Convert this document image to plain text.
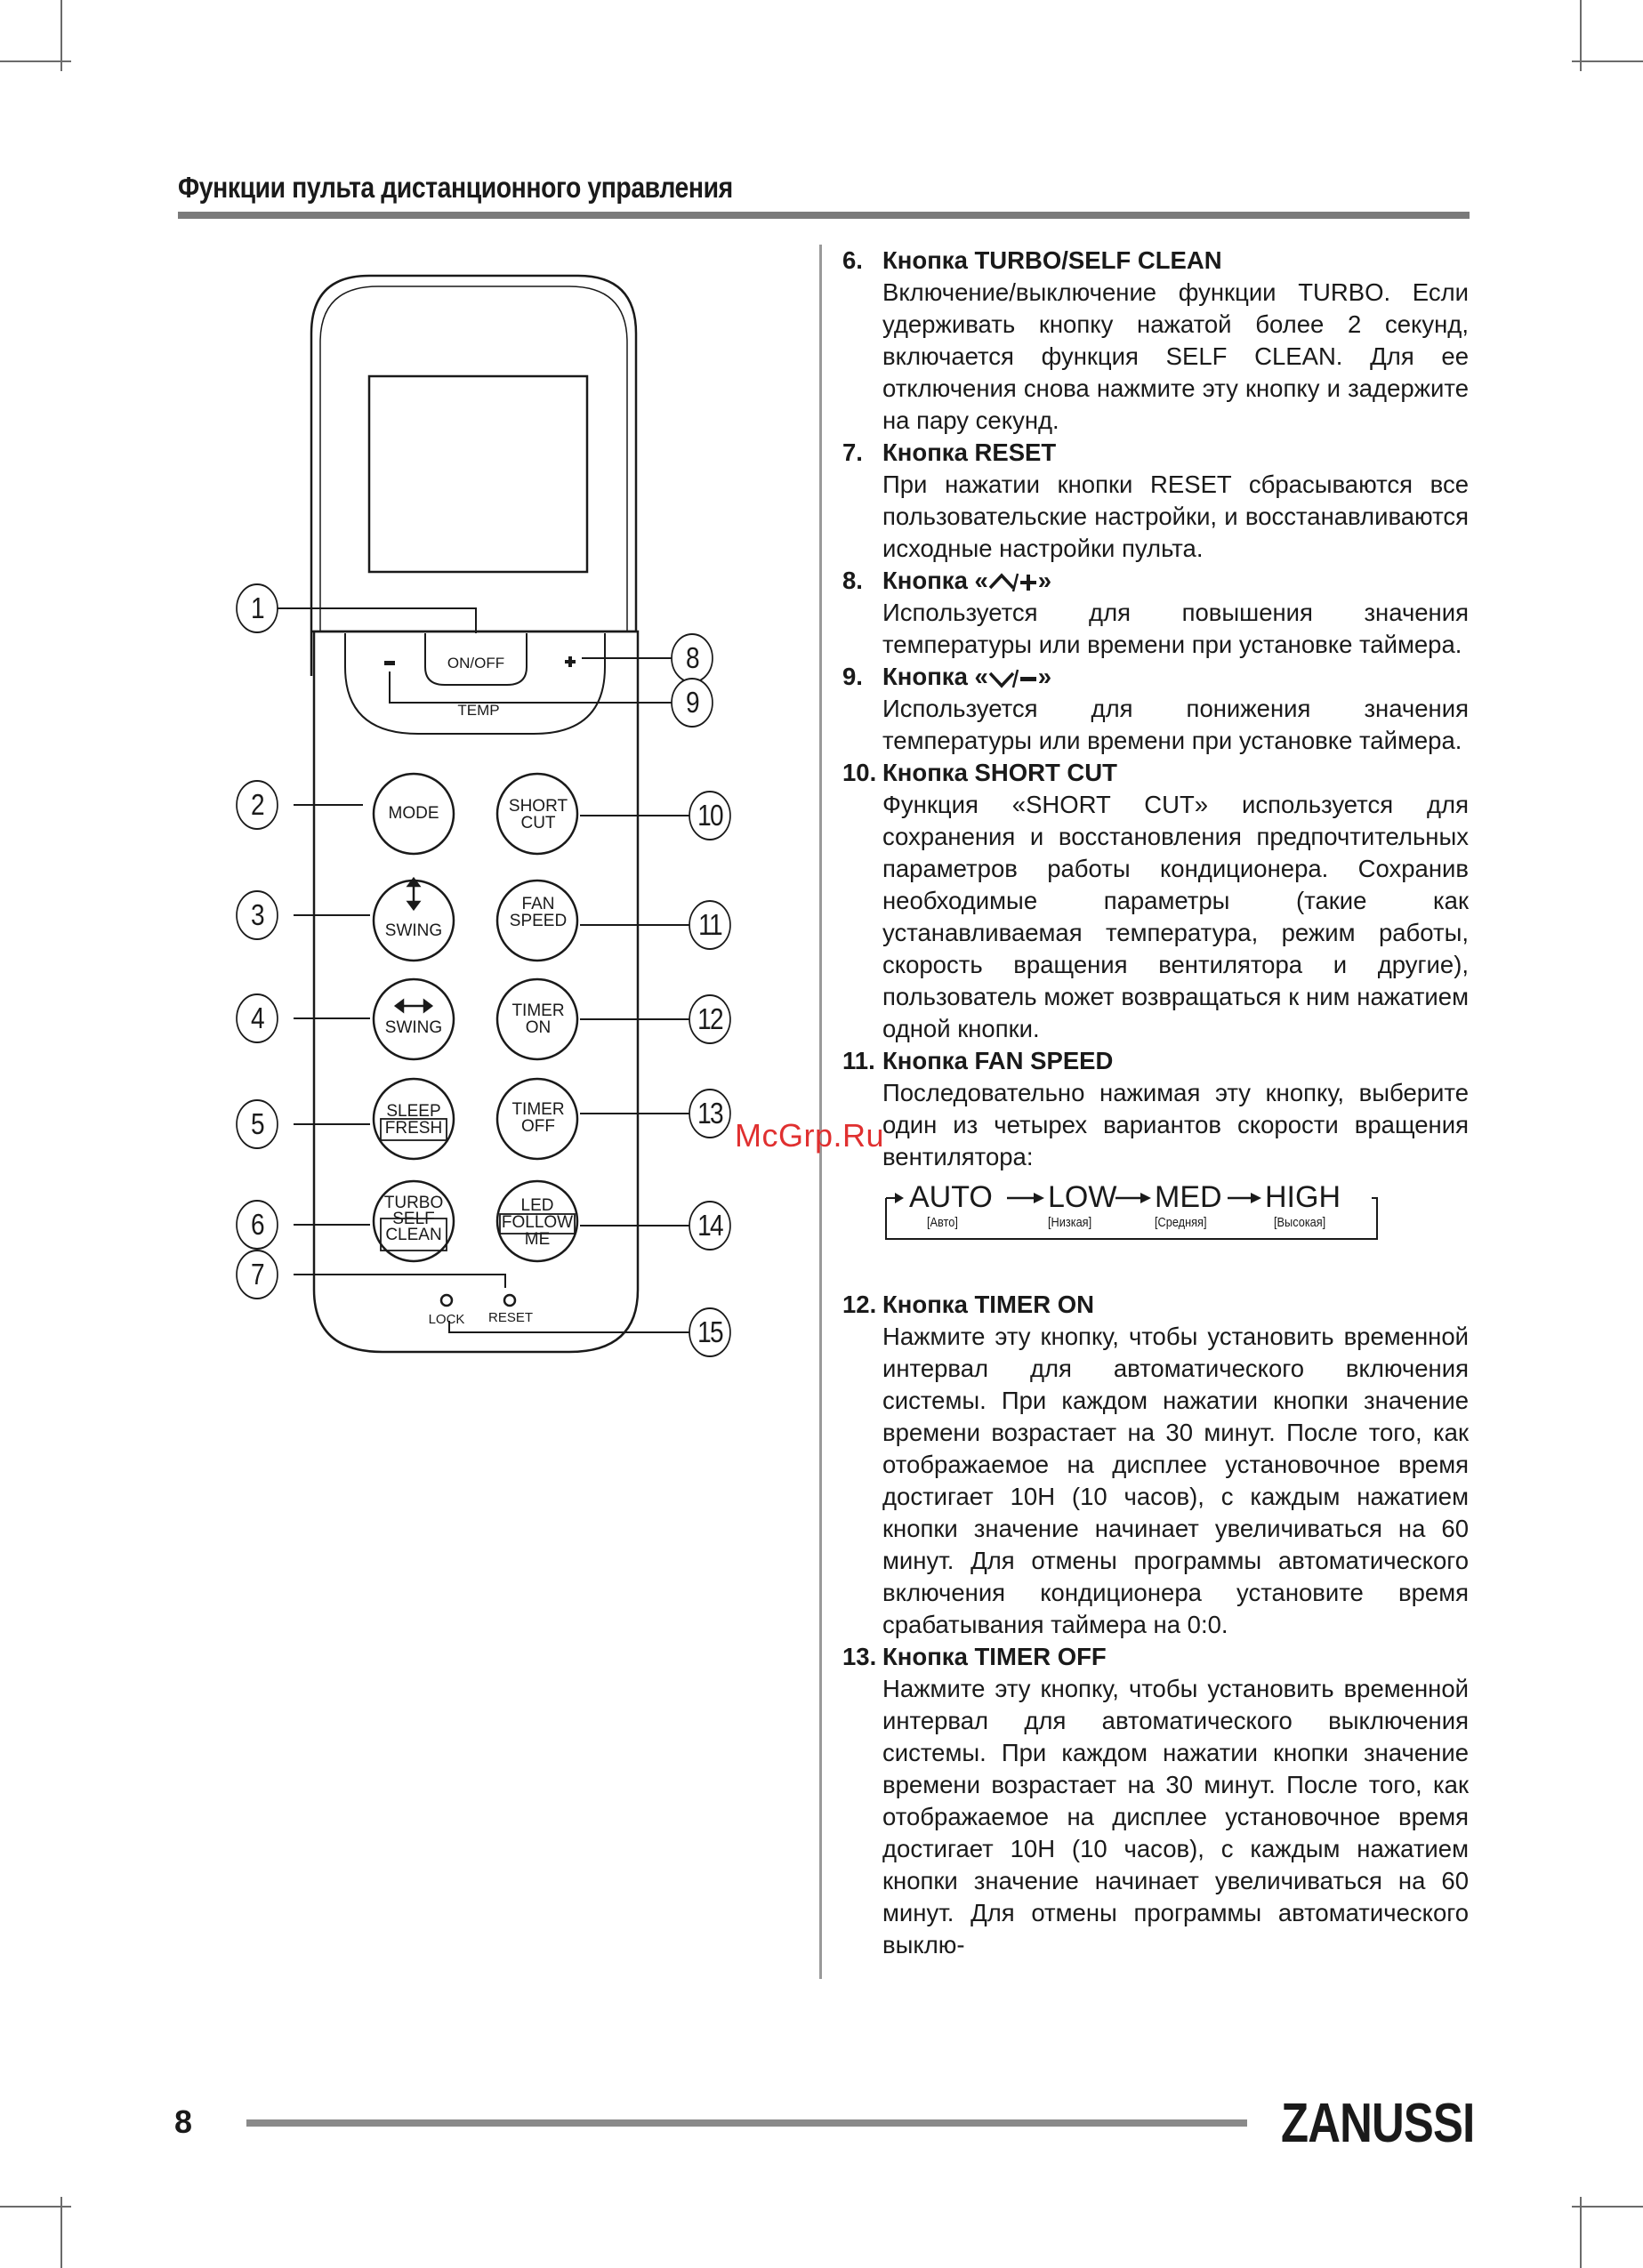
Функции пульта дистанционного управления
ON/OFF
TEMP
MODE	SHORT
CUT
SWING
FAN
SPEED
SWING
TIMER
ON
SLEEP
FRESH
TIMER
OFF
TURBO
SELF
CLEAN
LED
FOLLOW
ME
LOCK	RESET
1
2
3
4
5
6
7
8
9
10
11
12
13
14
15
6. Кнопка TURBO/SELF CLEAN
Включение/выключение функции TURBO. Если удерживать кнопку нажатой более 2 секунд, включается функция SELF CLEAN. Для ее отключения снова нажмите эту кнопку и задержите на пару секунд.
7. Кнопка RESET
При нажатии кнопки RESET сбрасываются все пользовательские настройки, и восстанавливаются исходные настройки пульта.
8. Кнопка « »
Используется для повышения значения температуры или времени при установке таймера.
9. Кнопка « »
Используется для понижения значения температуры или времени при установке таймера.
10. Кнопка SHORT CUT
Функция «SHORT CUT» используется для сохранения и восстановления предпочтительных параметров работы кондиционера. Сохранив необходимые параметры (такие как устанавливаемая температура, режим работы, скорость вращения вентилятора и другие), пользователь может возвращаться к ним нажатием одной кнопки.
11. Кнопка FAN SPEED
Последовательно нажимая эту кнопку, выберите один из четырех вариантов скорости вращения вентилятора:
AUTO
[Авто]
LOW
[Низкая]
MED
[Средняя]
HIGH
[Высокая]
12. Кнопка TIMER ON
Нажмите эту кнопку, чтобы установить временной интервал для автоматического включения системы. При каждом нажатии кнопки значение времени возрастает на 30 минут. После того, как отображаемое на дисплее установочное время достигает 10H (10 часов), с каждым нажатием кнопки значение начинает увеличиваться на 60 минут. Для отмены программы автоматического включения кондиционера установите время срабатывания таймера на 0:0.
13. Кнопка TIMER OFF
Нажмите эту кнопку, чтобы установить временной интервал для автоматического выключения системы. При каждом нажатии кнопки значение времени возрастает на 30 минут. После того, как отображаемое на дисплее установочное время достигает 10H (10 часов), с каждым нажатием кнопки значение начинает увеличиваться на 60 минут. Для отмены программы автоматического выклю-
McGrp.Ru
8	ZANUSSI
